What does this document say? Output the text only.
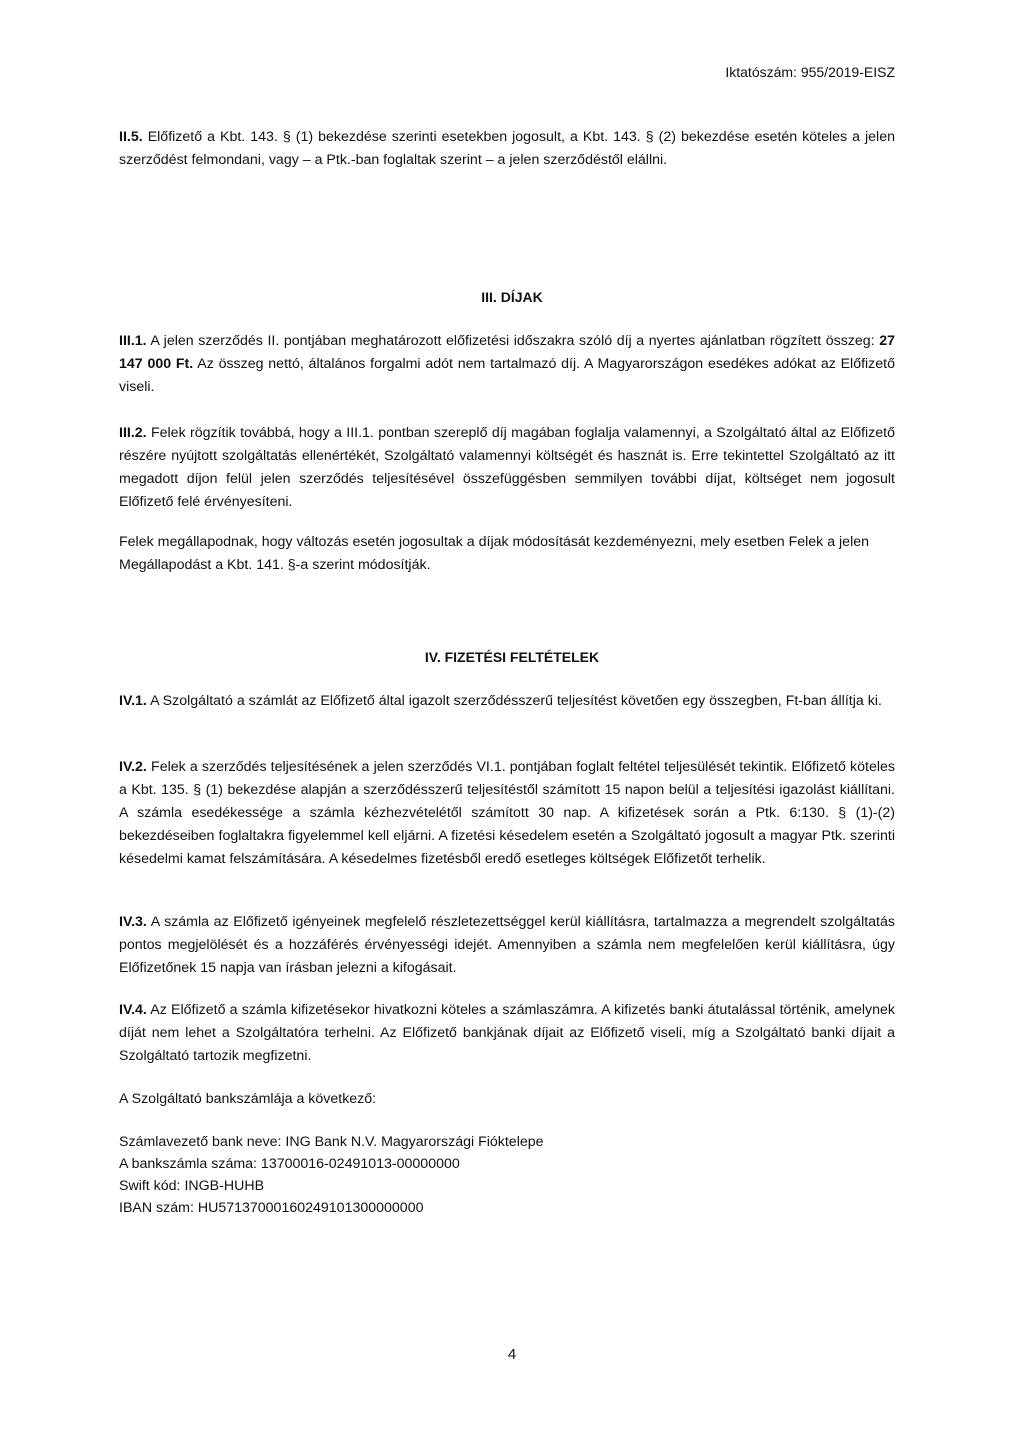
Iktatószám: 955/2019-EISZ
II.5. Előfizető a Kbt. 143. § (1) bekezdése szerinti esetekben jogosult, a Kbt. 143. § (2) bekezdése esetén köteles a jelen szerződést felmondani, vagy – a Ptk.-ban foglaltak szerint – a jelen szerződéstől elállni.
III. DÍJAK
III.1. A jelen szerződés II. pontjában meghatározott előfizetési időszakra szóló díj a nyertes ajánlatban rögzített összeg: 27 147 000 Ft. Az összeg nettó, általános forgalmi adót nem tartalmazó díj. A Magyarországon esedékes adókat az Előfizető viseli.
III.2. Felek rögzítik továbbá, hogy a III.1. pontban szereplő díj magában foglalja valamennyi, a Szolgáltató által az Előfizető részére nyújtott szolgáltatás ellenértékét, Szolgáltató valamennyi költségét és hasznát is. Erre tekintettel Szolgáltató az itt megadott díjon felül jelen szerződés teljesítésével összefüggésben semmilyen további díjat, költséget nem jogosult Előfizető felé érvényesíteni.
Felek megállapodnak, hogy változás esetén jogosultak a díjak módosítását kezdeményezni, mely esetben Felek a jelen Megállapodást a Kbt. 141. §-a szerint módosítják.
IV. FIZETÉSI FELTÉTELEK
IV.1. A Szolgáltató a számlát az Előfizető által igazolt szerződésszerű teljesítést követően egy összegben, Ft-ban állítja ki.
IV.2. Felek a szerződés teljesítésének a jelen szerződés VI.1. pontjában foglalt feltétel teljesülését tekintik. Előfizető köteles a Kbt. 135. § (1) bekezdése alapján a szerződésszerű teljesítéstől számított 15 napon belül a teljesítési igazolást kiállítani. A számla esedékessége a számla kézhezvételétől számított 30 nap. A kifizetések során a Ptk. 6:130. § (1)-(2) bekezdéseiben foglaltakra figyelemmel kell eljárni. A fizetési késedelem esetén a Szolgáltató jogosult a magyar Ptk. szerinti késedelmi kamat felszámítására. A késedelmes fizetésből eredő esetleges költségek Előfizetőt terhelik.
IV.3. A számla az Előfizető igényeinek megfelelő részletezettséggel kerül kiállításra, tartalmazza a megrendelt szolgáltatás pontos megjelölését és a hozzáférés érvényességi idejét. Amennyiben a számla nem megfelelően kerül kiállításra, úgy Előfizetőnek 15 napja van írásban jelezni a kifogásait.
IV.4. Az Előfizető a számla kifizetésekor hivatkozni köteles a számlaszámra. A kifizetés banki átutalással történik, amelynek díját nem lehet a Szolgáltatóra terhelni. Az Előfizető bankjának díjait az Előfizető viseli, míg a Szolgáltató banki díjait a Szolgáltató tartozik megfizetni.
A Szolgáltató bankszámlája a következő:
Számlavezető bank neve: ING Bank N.V. Magyarországi Fióktelepe
A bankszámla száma: 13700016-02491013-00000000
Swift kód: INGB-HUHB
IBAN szám: HU57137000160249101300000000
4
